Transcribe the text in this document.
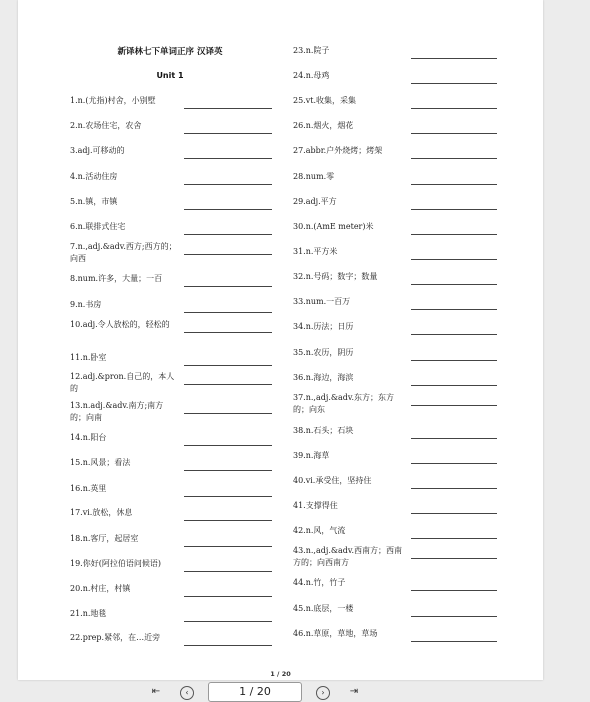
新译林七下单词正序 汉译英
Unit 1
1.n.(尤指)村舍，小别墅
2.n.农场住宅，农舍
3.adj.可移动的
4.n.活动住房
5.n.镇，市镇
6.n.联排式住宅
7.n.,adj.&adv.西方;西方的；向西
8.num.许多，大量；一百
9.n.书房
10.adj.令人放松的，轻松的
11.n.卧室
12.adj.&pron.自己的，本人的
13.n.adj.&adv.南方;南方的；向南
14.n.阳台
15.n.风景；看法
16.n.英里
17.vi.放松，休息
18.n.客厅，起居室
19.你好(阿拉伯语问候语)
20.n.村庄，村镇
21.n.地毯
22.prep.紧邻，在…近旁
23.n.院子
24.n.母鸡
25.vt.收集，采集
26.n.烟火，烟花
27.abbr.户外烧烤；烤架
28.num.零
29.adj.平方
30.n.(AmE meter)米
31.n.平方米
32.n.号码；数字；数量
33.num.一百万
34.n.历法；日历
35.n.农历，阴历
36.n.海边，海滨
37.n.,adj.&adv.东方；东方的；向东
38.n.石头；石块
39.n.海草
40.vi.承受住，坚持住
41.支撑得住
42.n.风，气流
43.n.,adj.&adv.西南方；西南方的；向西南方
44.n.竹，竹子
45.n.底层，一楼
46.n.草原，草地，草场
1 / 20
⇤	‹	1 / 20	›	⇥
